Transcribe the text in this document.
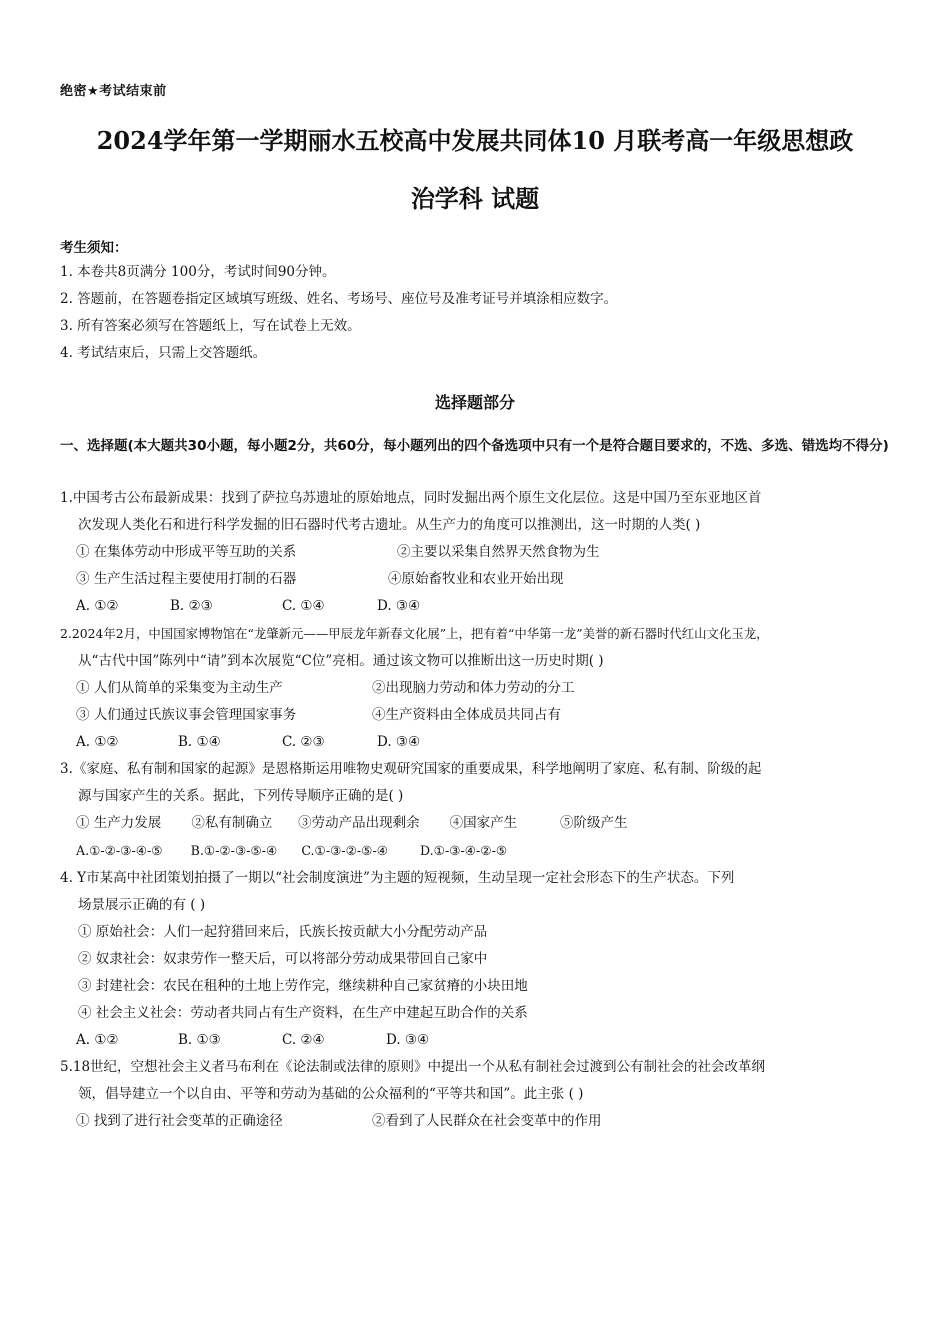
绝密★考试结束前
2024学年第一学期丽水五校高中发展共同体10 月联考高一年级思想政
治学科 试题
考生须知：
1. 本卷共8页满分 100分，考试时间90分钟。
2. 答题前，在答题卷指定区域填写班级、姓名、考场号、座位号及准考证号并填涂相应数字。
3. 所有答案必须写在答题纸上，写在试卷上无效。
4. 考试结束后，只需上交答题纸。
选择题部分
一、选择题(本大题共30小题，每小题2分，共60分，每小题列出的四个备选项中只有一个是符合题目要求的，不选、多选、错选均不得分)
1.中国考古公布最新成果：找到了萨拉乌苏遗址的原始地点，同时发掘出两个原生文化层位。这是中国乃至东亚地区首
次发现人类化石和进行科学发掘的旧石器时代考古遗址。从生产力的角度可以推测出，这一时期的人类( )
① 在集体劳动中形成平等互助的关系	②主要以采集自然界天然食物为生
③ 生产生活过程主要使用打制的石器	④原始畜牧业和农业开始出现
A. ①②	B. ②③	C. ①④	D. ③④
2.2024年2月，中国国家博物馆在“龙肇新元——甲辰龙年新春文化展”上，把有着“中华第一龙”美誉的新石器时代红山文化玉龙，
从“古代中国”陈列中“请”到本次展览“C位”亮相。通过该文物可以推断出这一历史时期( )
① 人们从简单的采集变为主动生产	②出现脑力劳动和体力劳动的分工
③ 人们通过氏族议事会管理国家事务	④生产资料由全体成员共同占有
A. ①②	B. ①④	C. ②③	D. ③④
3.《家庭、私有制和国家的起源》是恩格斯运用唯物史观研究国家的重要成果，科学地阐明了家庭、私有制、阶级的起
源与国家产生的关系。据此，下列传导顺序正确的是( )
① 生产力发展       ②私有制确立      ③劳动产品出现剩余       ④国家产生          ⑤阶级产生
A.①-②-③-④-⑤       B.①-②-③-⑤-④      C.①-③-②-⑤-④        D.①-③-④-②-⑤
4. Y市某高中社团策划拍摄了一期以“社会制度演进”为主题的短视频，生动呈现一定社会形态下的生产状态。下列
场景展示正确的有 ( )
① 原始社会：人们一起狩猎回来后，氏族长按贡献大小分配劳动产品
② 奴隶社会：奴隶劳作一整天后，可以将部分劳动成果带回自己家中
③ 封建社会：农民在租种的土地上劳作完，继续耕种自己家贫瘠的小块田地
④ 社会主义社会：劳动者共同占有生产资料，在生产中建起互助合作的关系
A. ①②	B. ①③	C. ②④	D. ③④
5.18世纪，空想社会主义者马布利在《论法制或法律的原则》中提出一个从私有制社会过渡到公有制社会的社会改革纲
领，倡导建立一个以自由、平等和劳动为基础的公众福利的“平等共和国”。此主张 ( )
① 找到了进行社会变革的正确途径	②看到了人民群众在社会变革中的作用
